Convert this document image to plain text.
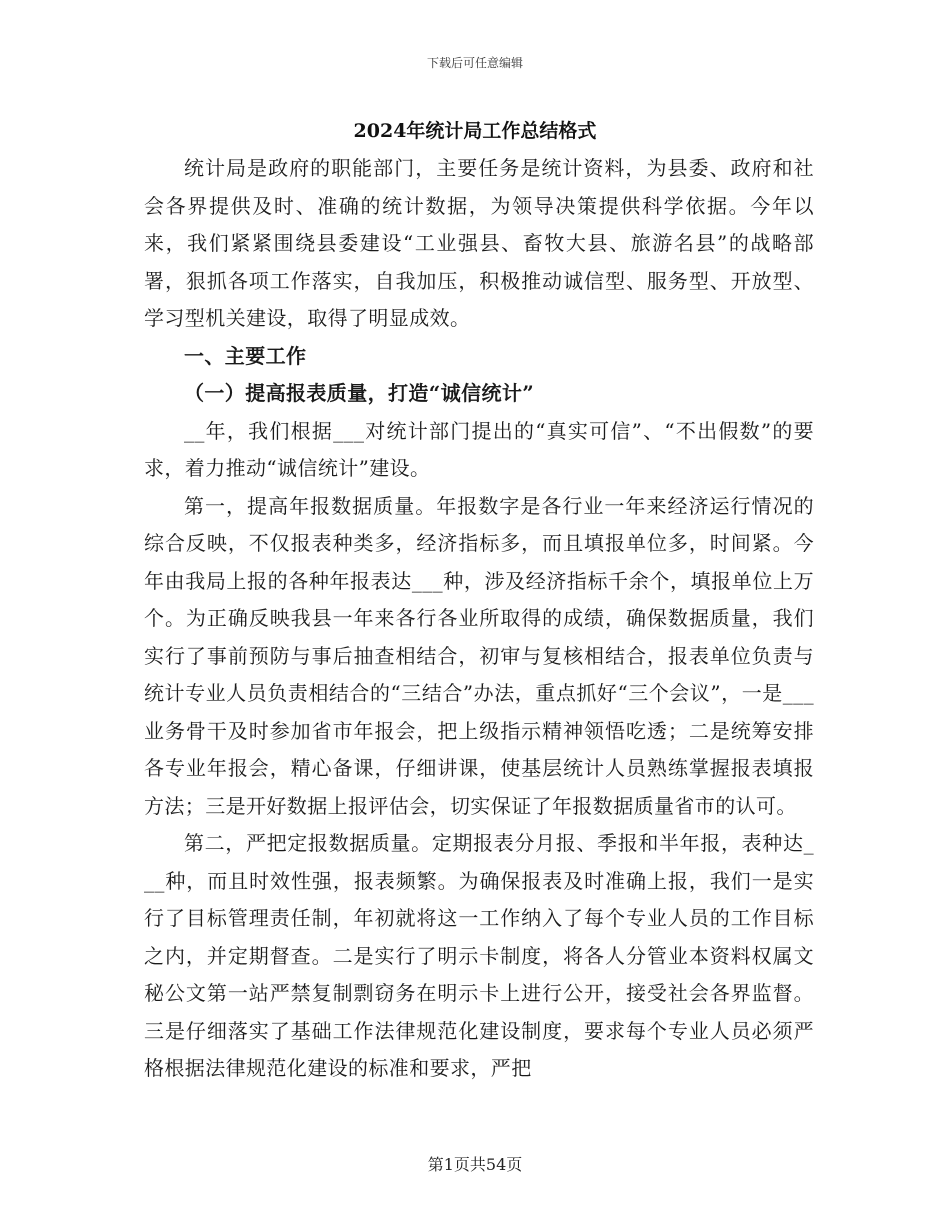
下载后可任意编辑
2024年统计局工作总结格式

统计局是政府的职能部门，主要任务是统计资料，为县委、政府和社会各界提供及时、准确的统计数据，为领导决策提供科学依据。今年以来，我们紧紧围绕县委建设“工业强县、畜牧大县、旅游名县”的战略部署，狠抓各项工作落实，自我加压，积极推动诚信型、服务型、开放型、学习型机关建设，取得了明显成效。

一、主要工作

（一）提高报表质量，打造“诚信统计”

__年，我们根据___对统计部门提出的“真实可信”、“不出假数”的要求，着力推动“诚信统计”建设。

第一，提高年报数据质量。年报数字是各行业一年来经济运行情况的综合反映，不仅报表种类多，经济指标多，而且填报单位多，时间紧。今年由我局上报的各种年报表达___种，涉及经济指标千余个，填报单位上万个。为正确反映我县一年来各行各业所取得的成绩，确保数据质量，我们实行了事前预防与事后抽查相结合，初审与复核相结合，报表单位负责与统计专业人员负责相结合的“三结合”办法，重点抓好“三个会议”，一是___业务骨干及时参加省市年报会，把上级指示精神领悟吃透；二是统筹安排各专业年报会，精心备课，仔细讲课，使基层统计人员熟练掌握报表填报方法；三是开好数据上报评估会，切实保证了年报数据质量省市的认可。

第二，严把定报数据质量。定期报表分月报、季报和半年报，表种达___种，而且时效性强，报表频繁。为确保报表及时准确上报，我们一是实行了目标管理责任制，年初就将这一工作纳入了每个专业人员的工作目标之内，并定期督查。二是实行了明示卡制度，将各人分管业本资料权属文秘公文第一站严禁复制剽窃务在明示卡上进行公开，接受社会各界监督。三是仔细落实了基础工作法律规范化建设制度，要求每个专业人员必须严格根据法律规范化建设的标准和要求，严把

第1页共54页
